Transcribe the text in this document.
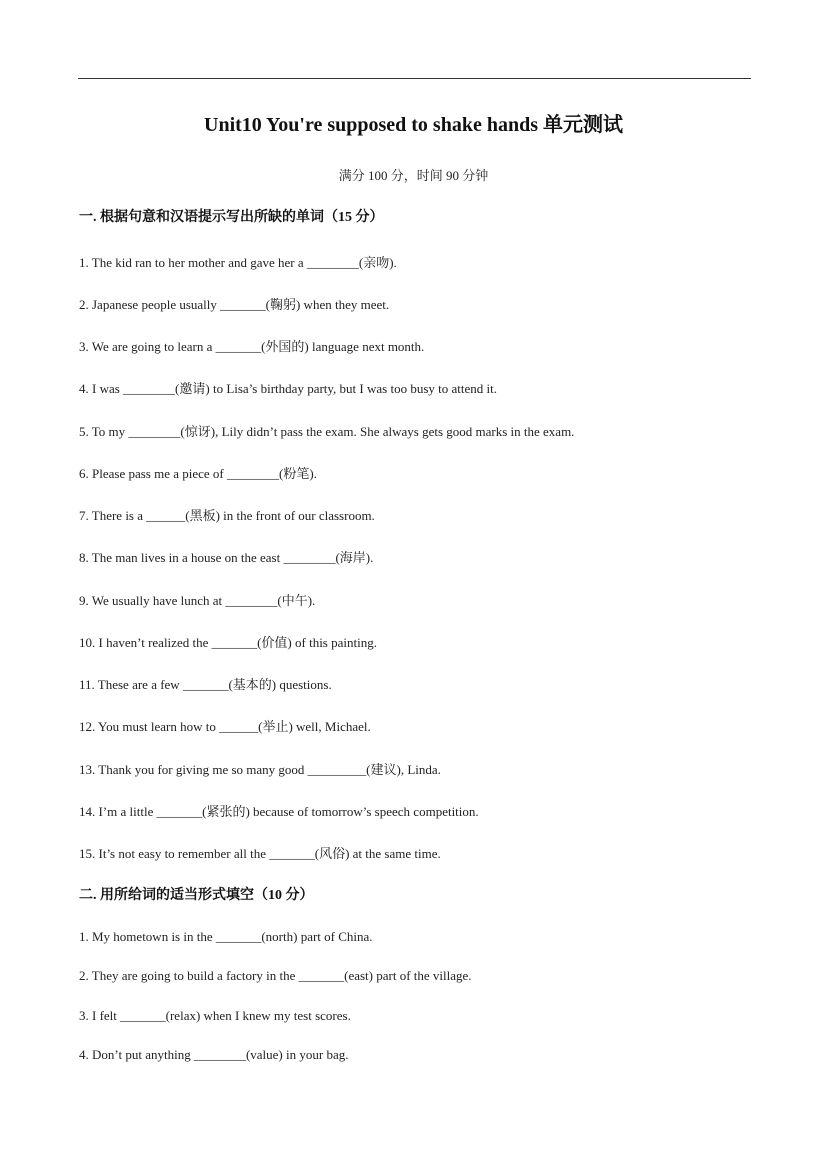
Unit10 You're supposed to shake hands 单元测试
满分 100 分，时间 90 分钟
一. 根据句意和汉语提示写出所缺的单词（15 分）
1. The kid ran to her mother and gave her a ________(亲吻).
2. Japanese people usually _______(鞠躬) when they meet.
3. We are going to learn a _______(外国的) language next month.
4. I was ________(邀请) to Lisa’s birthday party, but I was too busy to attend it.
5. To my ________(惊讶), Lily didn’t pass the exam. She always gets good marks in the exam.
6. Please pass me a piece of ________(粉笔).
7. There is a ______(黑板) in the front of our classroom.
8. The man lives in a house on the east ________(海岸).
9. We usually have lunch at ________(中午).
10. I haven’t realized the _______(价值) of this painting.
11. These are a few _______(基本的) questions.
12. You must learn how to ______(举止) well, Michael.
13. Thank you for giving me so many good _________(建议), Linda.
14. I’m a little _______(紧张的) because of tomorrow’s speech competition.
15. It’s not easy to remember all the _______(风俗) at the same time.
二. 用所给词的适当形式填空（10 分）
1. My hometown is in the _______(north) part of China.
2. They are going to build a factory in the _______(east) part of the village.
3. I felt _______(relax) when I knew my test scores.
4. Don’t put anything ________(value) in your bag.
